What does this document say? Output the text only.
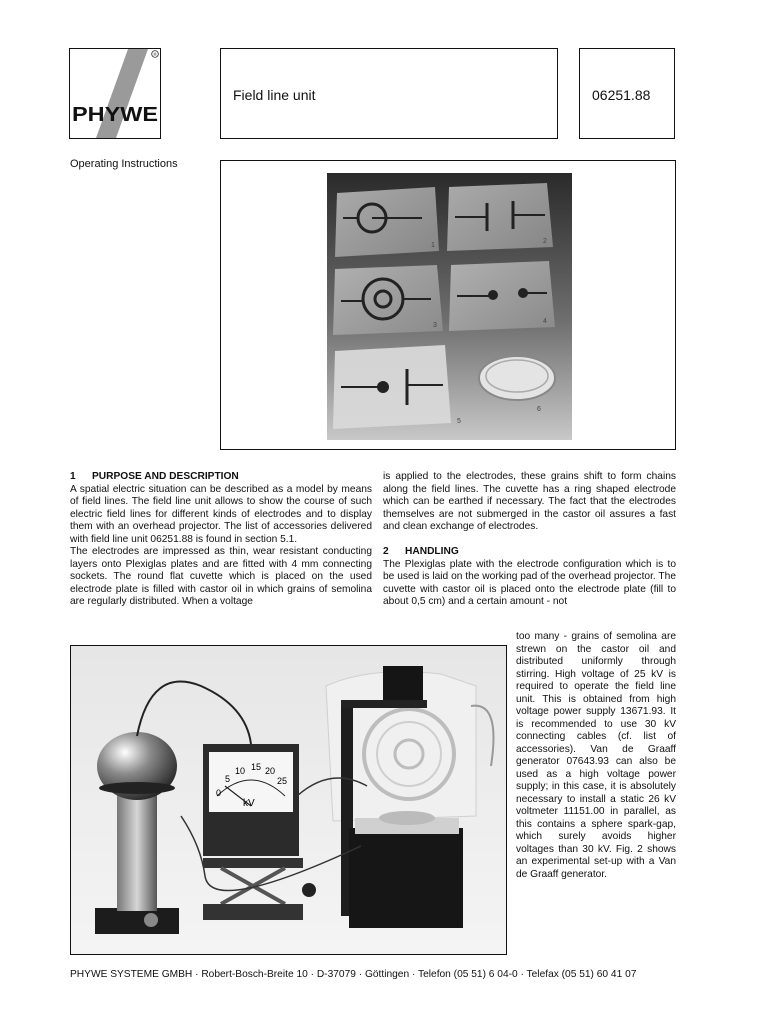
®
PHYWE
Field line unit	06251.88
Operating Instructions
1
2
3
4
5
6
1 PURPOSE AND DESCRIPTION

A spatial electric situation can be described as a model by means of field lines. The field line unit allows to show the course of such electric field lines for different kinds of electrodes and to display them with an overhead projector. The list of accessories delivered with field line unit 06251.88 is found in section 5.1.

The electrodes are impressed as thin, wear resistant conducting layers onto Plexiglas plates and are fitted with 4 mm connecting sockets. The round flat cuvette which is placed on the used electrode plate is filled with castor oil in which grains of semolina are regularly distributed. When a voltage

is applied to the electrodes, these grains shift to form chains along the field lines. The cuvette has a ring shaped electrode which can be earthed if necessary. The fact that the electrodes themselves are not submerged in the castor oil assures a fast and clean exchange of electrodes.

2 HANDLING

The Plexiglas plate with the electrode configuration which is to be used is laid on the working pad of the overhead projector. The cuvette with castor oil is placed onto the electrode plate (fill to about 0,5 cm) and a certain amount - not

too many - grains of semolina are strewn on the castor oil and distributed uniformly through stirring. High voltage of 25 kV is required to operate the field line unit. This is obtained from high voltage power supply 13671.93. It is recommended to use 30 kV connecting cables (cf. list of accessories). Van de Graaff generator 07643.93 can also be used as a high voltage power supply; in this case, it is absolutely necessary to install a static 26 kV voltmeter 11151.00 in parallel, as this contains a sphere spark-gap, which surely avoids higher voltages than 30 kV. Fig. 2 shows an experimental set-up with a Van de Graaff generator.

0
5
10 15 20
25
kV
PHYWE SYSTEME GMBH · Robert-Bosch-Breite 10 · D-37079 · Göttingen · Telefon (05 51) 6 04-0 · Telefax (05 51) 60 41 07
